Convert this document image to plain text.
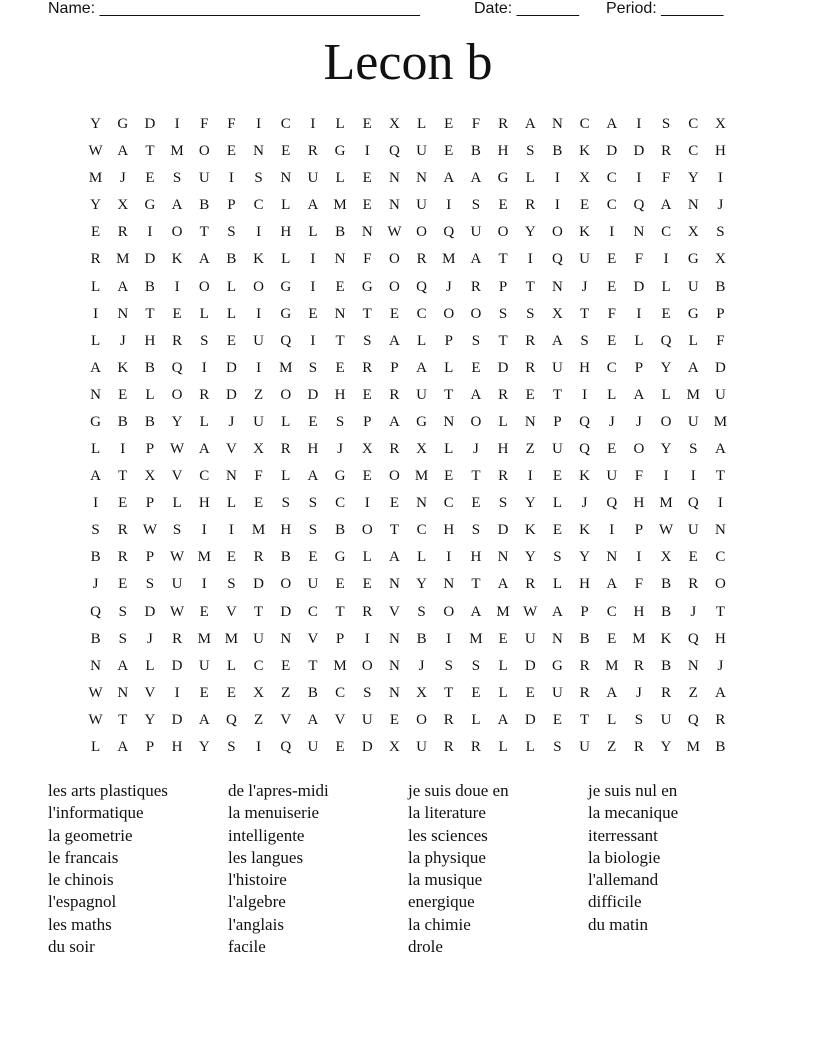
Name: ____________________________________	Date: _______ Period: _______
Lecon b
Y	G	D	I	F	F	I	C	I	L	E	X	L	E	F	R	A	N	C	A	I	S	C	X
W A	T	M	O	E	N	E	R	G	I	Q	U	E	B	H	S	B	K	D	D	R	C	H
M	J	E	S	U	I	S	N	U	L	E	N	N	A	A	G	L	I	X	C	I	F	Y	I
Y	X	G	A	B	P	C	L	A	M	E	N	U	I	S	E	R	I	E	C	Q	A	N	J
E	R	I	O	T	S	I	H	L	B	N W O	Q	U	O	Y	O	K	I	N	C	X	S
R	M	D	K	A	B	K	L	I	N	F	O	R	M	A	T	I	Q	U	E	F	I	G	X
L	A	B	I	O	L	O	G	I	E	G	O	Q	J	R	P	T	N	J	E	D	L	U	B
I	N	T	E	L	L	I	G	E	N	T	E	C	O	O	S	S	X	T	F	I	E	G	P
L	J	H	R	S	E	U	Q	I	T	S	A	L	P	S	T	R	A	S	E	L	Q	L	F
A	K	B	Q	I	D	I	M	S	E	R	P	A	L	E	D	R	U	H	C	P	Y	A	D
N	E	L	O	R	D	Z	O	D	H	E	R	U	T	A	R	E	T	I	L	A	L	M	U
G	B	B	Y	L	J	U	L	E	S	P	A	G	N	O	L	N	P	Q	J	J	O	U	M
L	I	P	W A	V	X	R	H	J	X	R	X	L	J	H	Z	U	Q	E	O	Y	S	A
A	T	X	V	C	N	F	L	A	G	E	O	M	E	T	R	I	E	K	U	F	I	I	T
I	E	P	L	H	L	E	S	S	C	I	E	N	C	E	S	Y	L	J	Q	H	M	Q	I
S	R	W	S	I	I	M	H	S	B	O	T	C	H	S	D	K	E	K	I	P	W U	N
B	R	P	W M	E	R	B	E	G	L	A	L	I	H	N	Y	S	Y	N	I	X	E	C
J	E	S	U	I	S	D	O	U	E	E	N	Y	N	T	A	R	L	H	A	F	B	R	O
Q	S	D W	E	V	T	D	C	T	R	V	S	O	A	M W A	P	C	H	B	J	T
B	S	J	R	M M	U	N	V	P	I	N	B	I	M	E	U	N	B	E	M	K	Q	H
N	A	L	D	U	L	C	E	T	M	O	N	J	S	S	L	D	G	R	M	R	B	N	J
W N	V	I	E	E	X	Z	B	C	S	N	X	T	E	L	E	U	R	A	J	R	Z	A
W	T	Y	D	A	Q	Z	V	A	V	U	E	O	R	L	A	D	E	T	L	S	U	Q	R
L	A	P	H	Y	S	I	Q	U	E	D	X	U	R	R	L	L	S	U	Z	R	Y	M	B
les arts plastiques
l'informatique
la geometrie
le francais
le chinois
l'espagnol
les maths
du soir
de l'apres-midi
la menuiserie
intelligente
les langues
l'histoire
l'algebre
l'anglais
facile
je suis doue en
la literature
les sciences
la physique
la musique
energique
la chimie
drole
je suis nul en
la mecanique
iterressant
la biologie
l'allemand
difficile
du matin
